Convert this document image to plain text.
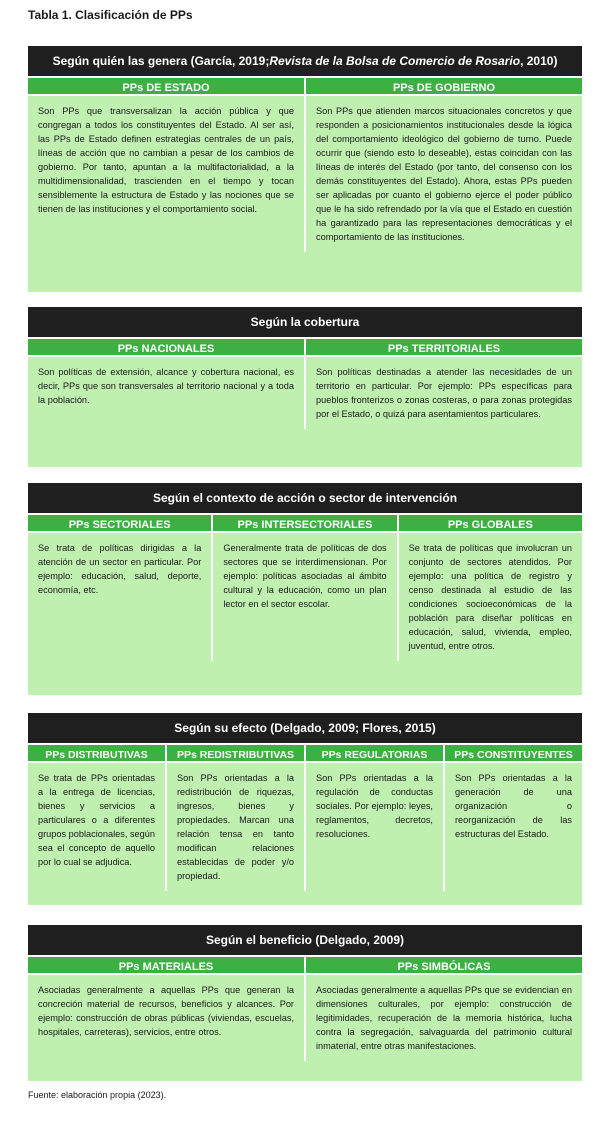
Tabla 1. Clasificación de PPs
Según quién las genera (García, 2019; Revista de la Bolsa de Comercio de Rosario , 2010)
PPs DE ESTADO
Son PPs que transversalizan la acción pública y que congregan a todos los constituyentes del Estado. Al ser así, las PPs de Estado definen estrategias centrales de un país, líneas de acción que no cambian a pesar de los cambios de gobierno. Por tanto, apuntan a la multifactorialidad, a la multidimensionalidad, trascienden en el tiempo y tocan sensiblemente la estructura de Estado y las nociones que se tienen de las instituciones y el comportamiento social.
PPs DE GOBIERNO
Son PPs que atienden marcos situacionales concretos y que responden a posicionamientos institucionales desde la lógica del comportamiento ideológico del gobierno de turno. Puede ocurrir que (siendo esto lo deseable), estas coincidan con las líneas de interés del Estado (por tanto, del consenso con los demás constituyentes del Estado). Ahora, estas PPs pueden ser aplicadas por cuanto el gobierno ejerce el poder público que le ha sido refrendado por la vía que el Estado en cuestión ha garantizado para las representaciones democráticas y el comportamiento de las instituciones.
Según la cobertura
PPs NACIONALES
Son políticas de extensión, alcance y cobertura nacional, es decir, PPs que son transversales al territorio nacional y a toda la población.
PPs TERRITORIALES
Son políticas destinadas a atender las necesidades de un territorio en particular. Por ejemplo: PPs específicas para pueblos fronterizos o zonas costeras, o para zonas protegidas por el Estado, o quizá para asentamientos particulares.
Según el contexto de acción o sector de intervención
PPs SECTORIALES
Se trata de políticas dirigidas a la atención de un sector en particular. Por ejemplo: educación, salud, deporte, economía, etc.
PPs INTERSECTORIALES
Generalmente trata de políticas de dos sectores que se interdimensionan. Por ejemplo: políticas asociadas al ámbito cultural y la educación, como un plan lector en el sector escolar.
PPs GLOBALES
Se trata de políticas que involucran un conjunto de sectores atendidos. Por ejemplo: una política de registro y censo destinada al estudio de las condiciones socioeconómicas de la población para diseñar políticas en educación, salud, vivienda, empleo, juventud, entre otros.
Según su efecto (Delgado, 2009; Flores, 2015)
PPs DISTRIBUTIVAS
Se trata de PPs orientadas a la entrega de licencias, bienes y servicios a particulares o a diferentes grupos poblacionales, según sea el concepto de aquello por lo cual se adjudica.
PPs REDISTRIBUTIVAS
Son PPs orientadas a la redistribución de riquezas, ingresos, bienes y propiedades. Marcan una relación tensa en tanto modifican relaciones establecidas de poder y/o propiedad.
PPs REGULATORIAS
Son PPs orientadas a la regulación de conductas sociales. Por ejemplo: leyes, reglamentos, decretos, resoluciones.
PPs CONSTITUYENTES
Son PPs orientadas a la generación de una organización o reorganización de las estructuras del Estado.
Según el beneficio (Delgado, 2009)
PPs MATERIALES
Asociadas generalmente a aquellas PPs que generan la concreción material de recursos, beneficios y alcances. Por ejemplo: construcción de obras públicas (viviendas, escuelas, hospitales, carreteras), servicios, entre otros.
PPs SIMBÓLICAS
Asociadas generalmente a aquellas PPs que se evidencian en dimensiones culturales, por ejemplo: construcción de legitimidades, recuperación de la memoria histórica, lucha contra la segregación, salvaguarda del patrimonio cultural inmaterial, entre otras manifestaciones.
Fuente: elaboración propia (2023).
